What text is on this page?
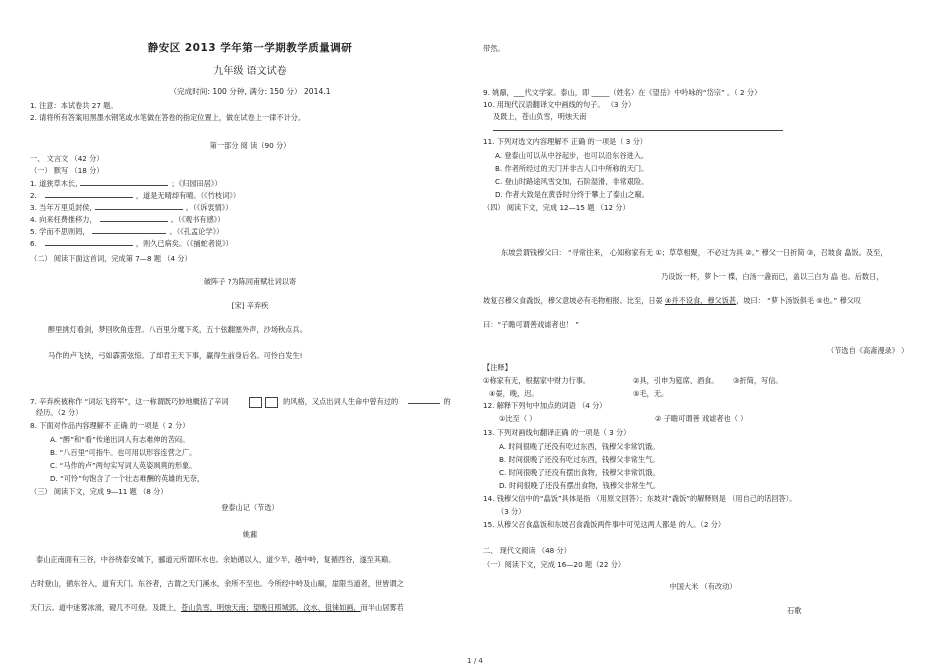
静安区 2013 学年第一学期教学质量调研
九年级 语文试卷
（完成时间: 100 分钟, 满分: 150 分） 2014.1
1. 注意：本试卷共 27 题。
2. 请将所有答案用黑墨水钢笔或水笔做在答卷的指定位置上，做在试卷上一律不计分。
第一部分 阅 读（90 分）
一、 文言文 （42 分）
（一） 默写 （18 分）
1. 道狭草木长,	；《归园田居》）
2.	，道是无晴却有晴。（《竹枝词》）
3. 当年万里觅封侯,	。（《诉衷情》）
4. 向来枉费推移力，	。（《观书有感》）
5. 学而不思则罔，	。（《孔孟论学》）
6.	，则久已病矣。（《捕蛇者说》）
（二） 阅读下面这首词，完成第 7—8 题 （4 分）
破阵子 ?为陈同甫赋壮词以寄
[宋] 辛弃疾
醉里挑灯看剑，梦回吹角连营。八百里分麾下炙，五十弦翻塞外声，沙场秋点兵。
马作的卢飞快，弓如霹雳弦惊。了却君王天下事，赢得生前身后名。可怜白发生!
7. 辛弃疾被称作 “词坛飞将军”，这一称谓既巧妙地概括了辛词	的风格，又点出词人生命中曾有过的	的
经历。（2 分）
8. 下面对作品内容理解不 正确 的一项是（ 2 分）
A. “醉”和“看”传递出词人有志难伸的苦闷。
B. “八百里”可指牛。也可用以形容连营之广。
C. “马作的卢”两句实写词人英姿飒爽的形象。
D. “可怜”句饱含了一个壮志难酬的英雄的无奈，
（三） 阅读下文，完成 9—11 题 （8 分）
登泰山记（节选）
姚鼐
泰山正南面有三谷，中谷绕泰安城下，郦道元所谓环水也。余始循以入，道少半，越中岭，复循西谷，遂至其巅。
古时登山，循东谷入，道有天门。东谷者，古谓之天门溪水，余所不至也。今所经中岭及山巅，崖限当道者，世皆谓之
天门云。道中迷雾冰滑，磴几不可登。及既上，苍山负雪，明烛天南；望晚日照城郭，汶水、徂徕如画，而半山居雾若
带然。
9. 姚鼐，___代文学家。泰山，即 _____（姓名）在《望岳》中吟咏的“岱宗” 。（ 2 分）
10. 用现代汉语翻译文中画线的句子。 （3 分）
及既上，苍山负雪，明烛天南
11. 下列对选文内容理解不 正确 的一项是（ 3 分）
A. 登泰山可以从中谷起步，也可以沿东谷进入。
B. 作者所经过的天门并非古人口中所称的天门。
C. 登山时路途风雪交加，石阶湿滑，非常艰险。
D. 作者大致是在黄昏时分终于攀上了泰山之巅。
（四） 阅读下文，完成 12—15 题 （12 分）
东坡尝谓钱穆父曰： “寻常往来， 心知称家有无 ①；草草相聚， 不必过为具 ②。” 穆父一日折简 ③，召坡食 皛饭。及至，
乃设饭一杯，萝卜一 楪，白汤一盏而已，盖以三白为 皛 也。后数日，
坡复召穆父食毳饭，穆父意坡必有毛物相报。比至，日晏 ④并不设食，穆父饭甚，坡曰： “萝卜汤饭俱毛 ⑤也。” 穆父叹
曰：“子瞻可谓善戏谑者也！ ”
（节选自《高斋漫录》 ）
【注释】
①称家有无，根据家中财力行事。	②具，引申为筵席、酒食。 ③折简，写信。
④晏，晚，迟。	⑤毛，无。
12. 解释下列句中加点的词语 （4 分）
①比至（ ）	② 子瞻可谓善 戏谑者也（ ）
13. 下列对画线句翻译正确 的一项是（ 3 分）
A. 时间很晚了还没有吃过东西，钱穆父非常饥饿。
B. 时间很晚了还没有吃过东西，钱穆父非常生气。
C. 时间很晚了还没有摆出食物，钱穆父非常饥饿。
D. 时间很晚了还没有摆出食物，钱穆父非常生气。
14. 钱穆父信中的“皛饭”具体是指 （用原文回答）；东坡对“毳饭”的解释则是 （用自己的话回答）。
（3 分）
15. 从穆父召食皛饭和东坡召食毳饭两件事中可见这两人都是 的人。（2 分）
二、 现代文阅读 （48 分）
（一）阅读下文，完成 16—20 题（22 分）
中国大米 （有改动）
石歌
1 / 4
